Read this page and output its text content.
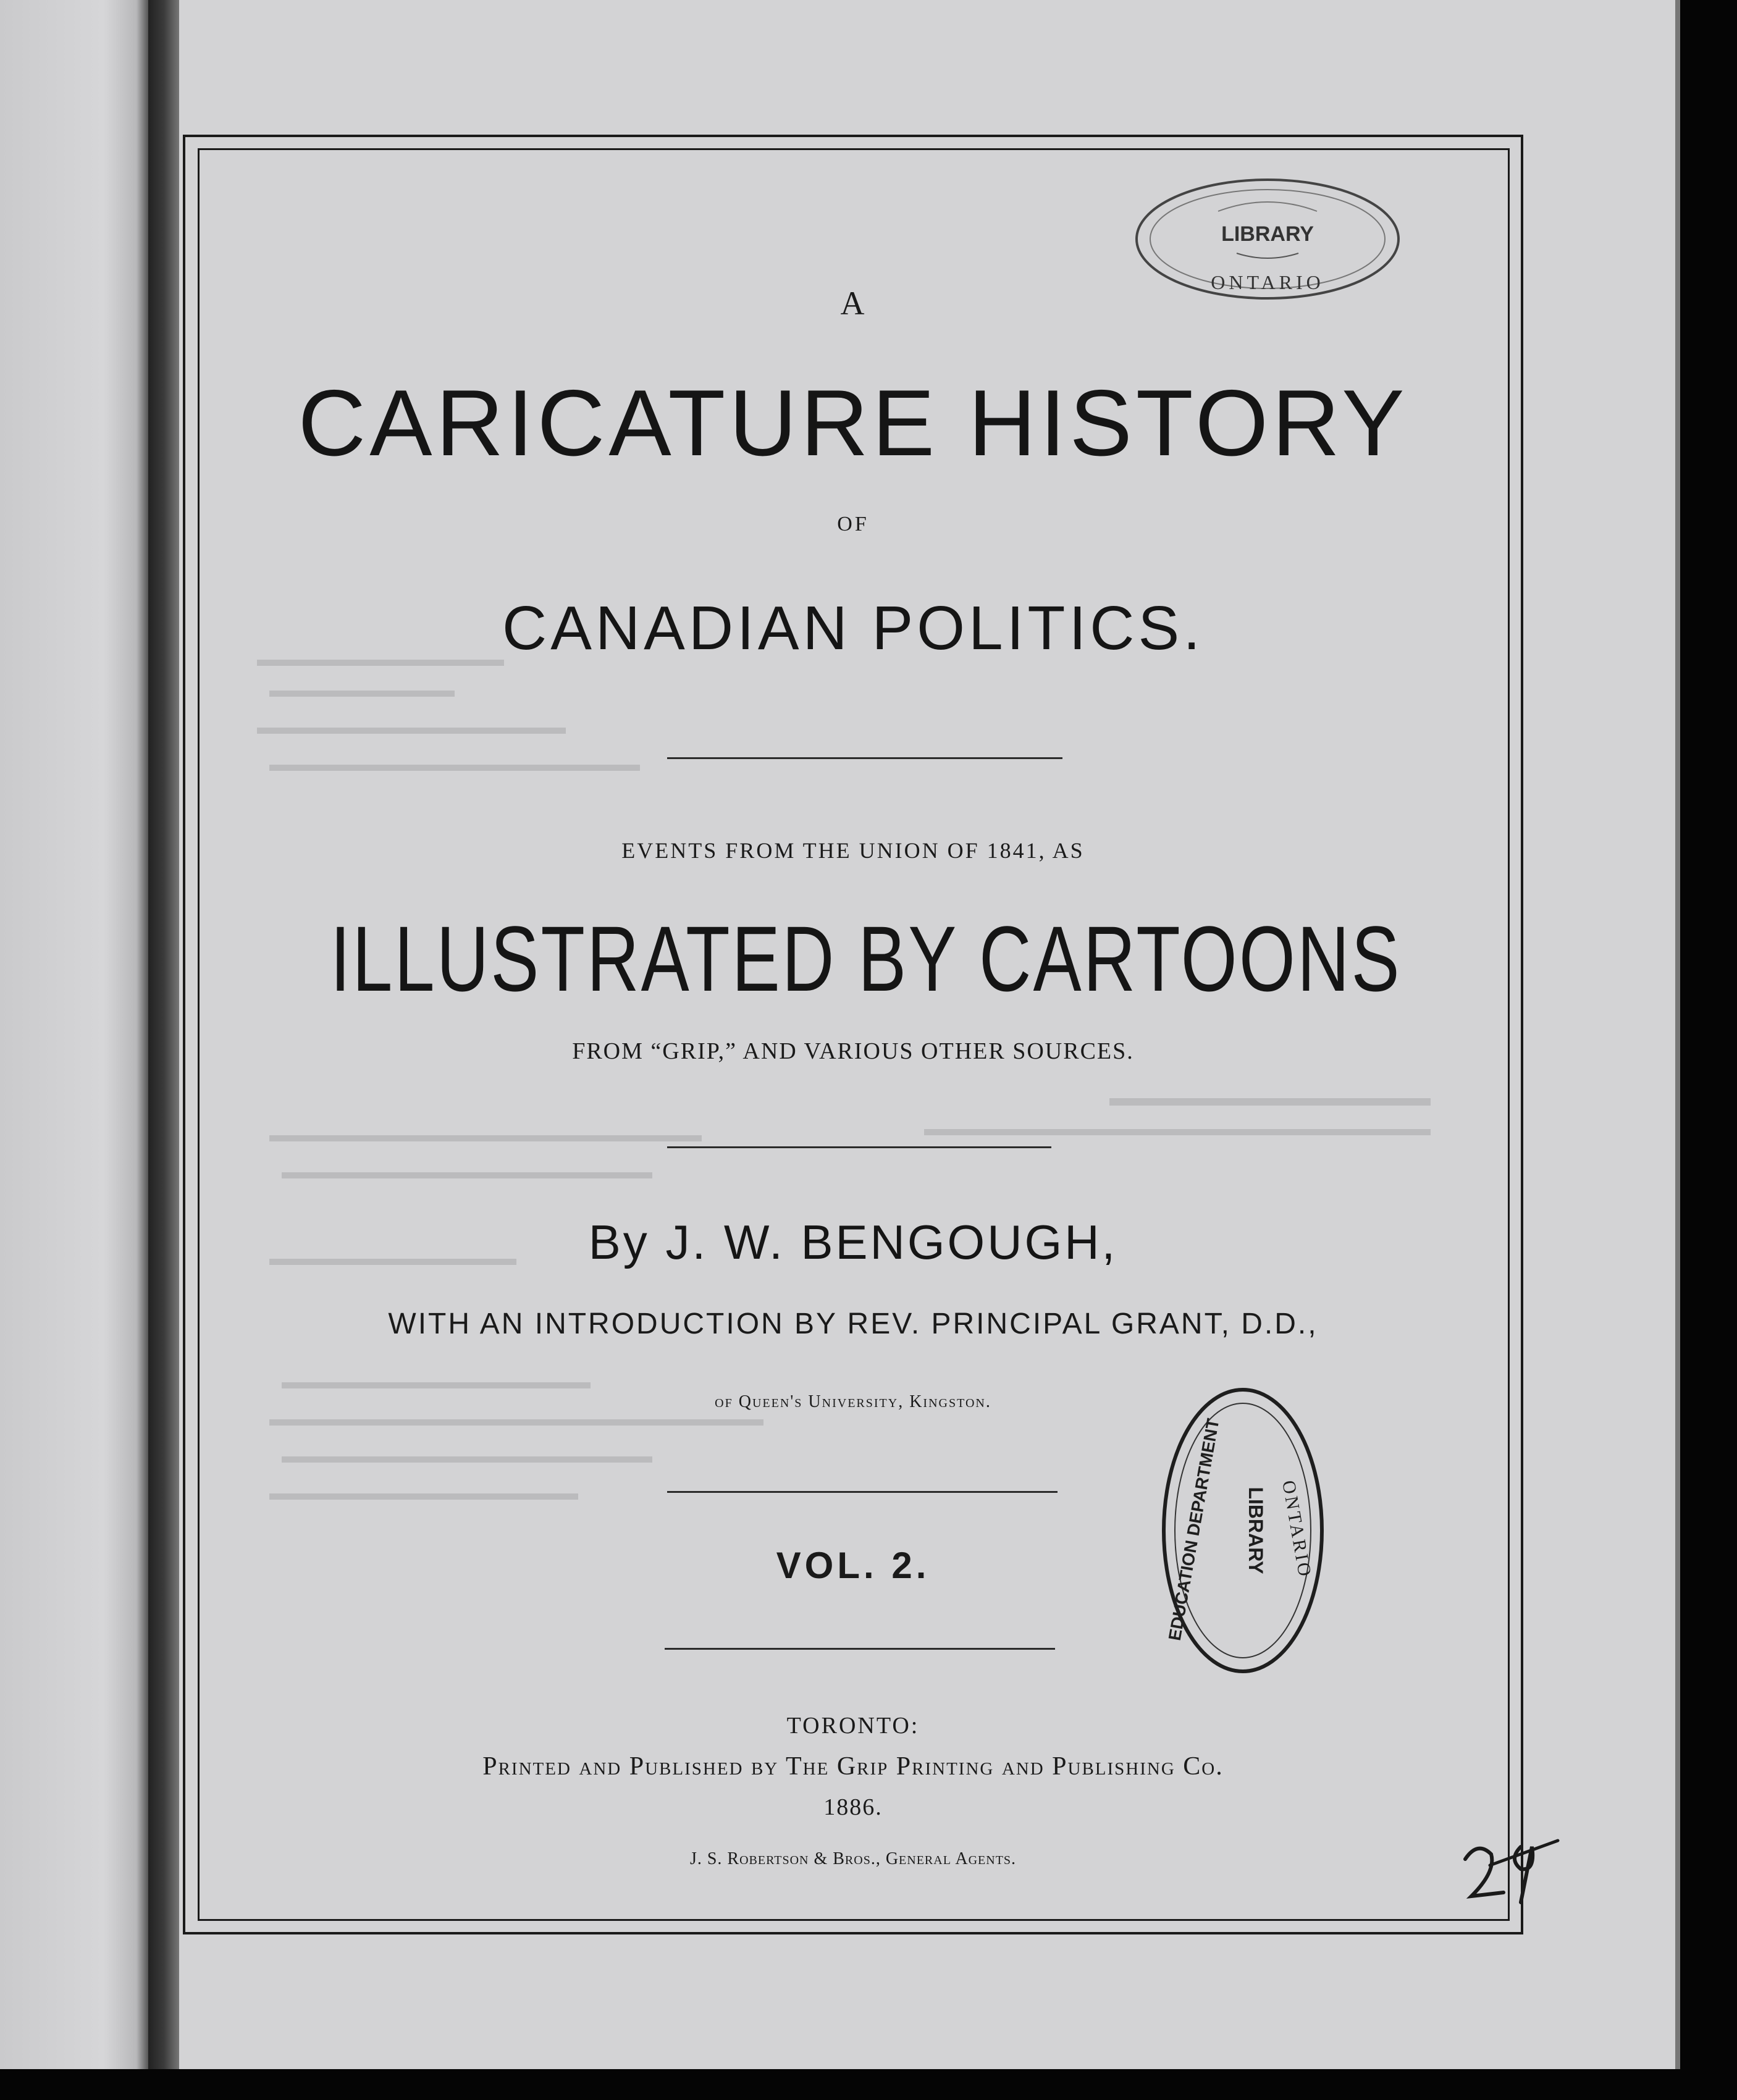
A
CARICATURE HISTORY
OF
CANADIAN POLITICS.
EVENTS FROM THE UNION OF 1841, AS
ILLUSTRATED BY CARTOONS
FROM “GRIP,” AND VARIOUS OTHER SOURCES.
By J. W. BENGOUGH,
WITH AN INTRODUCTION BY REV. PRINCIPAL GRANT, D.D.,
of Queen's University, Kingston.
VOL. 2.
TORONTO:
Printed and Published by The Grip Printing and Publishing Co.
1886.
J. S. Robertson & Bros., General Agents.
LIBRARY
ONTARIO
EDUCATION DEPARTMENT LIBRARY ONTARIO
